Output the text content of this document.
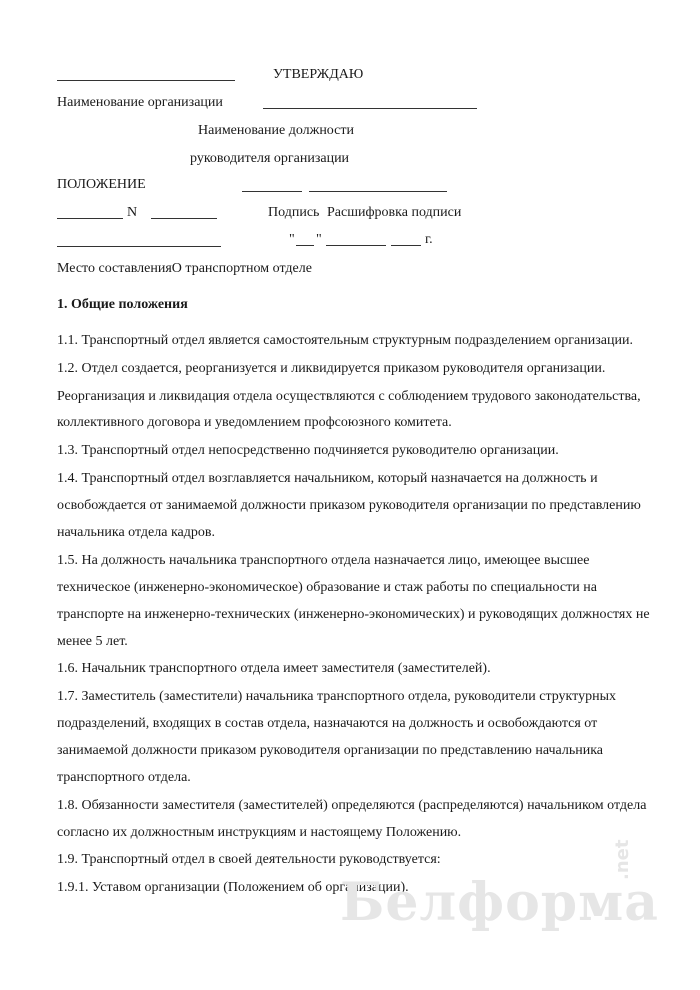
УТВЕРЖДАЮ
Наименование организации
Наименование должности
руководителя организации
ПОЛОЖЕНИЕ
N	Подпись Расшифровка подписи
" "	г.
Место составленияО транспортном отделе
1. Общие положения
1.1. Транспортный отдел является самостоятельным структурным подразделением организации.
1.2. Отдел создается, реорганизуется и ликвидируется приказом руководителя организации.
Реорганизация и ликвидация отдела осуществляются с соблюдением трудового законодательства,
коллективного договора и уведомлением профсоюзного комитета.
1.3. Транспортный отдел непосредственно подчиняется руководителю организации.
1.4. Транспортный отдел возглавляется начальником, который назначается на должность и
освобождается от занимаемой должности приказом руководителя организации по представлению
начальника отдела кадров.
1.5. На должность начальника транспортного отдела назначается лицо, имеющее высшее
техническое (инженерно-экономическое) образование и стаж работы по специальности на
транспорте на инженерно-технических (инженерно-экономических) и руководящих должностях не
менее 5 лет.
1.6. Начальник транспортного отдела имеет заместителя (заместителей).
1.7. Заместитель (заместители) начальника транспортного отдела, руководители структурных
подразделений, входящих в состав отдела, назначаются на должность и освобождаются от
занимаемой должности приказом руководителя организации по представлению начальника
транспортного отдела.
1.8. Обязанности заместителя (заместителей) определяются (распределяются) начальником отдела
согласно их должностным инструкциям и настоящему Положению.
1.9. Транспортный отдел в своей деятельности руководствуется:
1.9.1. Уставом организации (Положением об организации).
Белформа
.net
